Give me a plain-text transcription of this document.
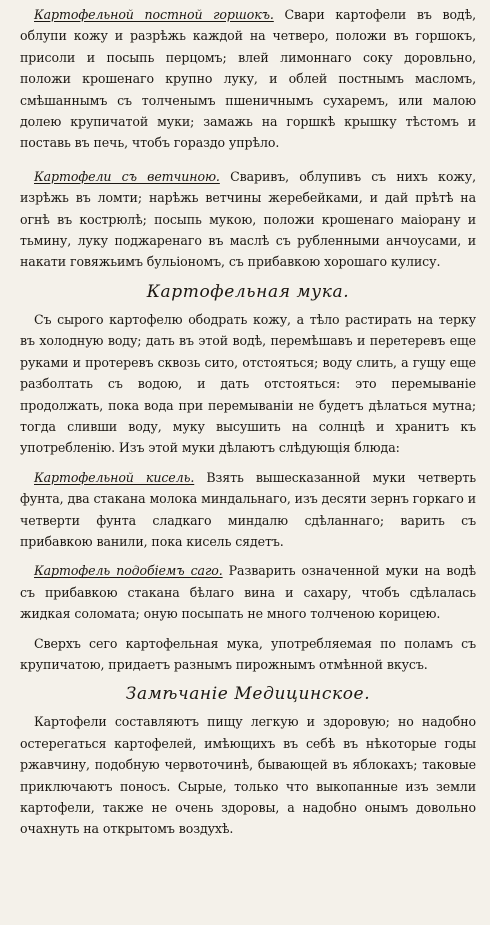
Картофельной постной горшокъ. Свари картофели въ водѣ, облупи кожу и разрѣжь каждой на четверо, положи въ горшокъ, присоли и посыпь перцомъ; влей лимоннаго соку доровльно, положи крошенаго крупно луку, и облей постнымъ масломъ, смѣшаннымъ съ толченымъ пшеничнымъ сухаремъ, или малою долею крупичатой муки; замажь на горшкѣ крышку тѣстомъ и поставь въ печь, чтобъ гораздо упрѣло.

Картофели съ ветчиною. Сваривъ, облупивъ съ нихъ кожу, изрѣжь въ ломти; нарѣжь ветчины жеребейками, и дай прѣтѣ на огнѣ въ кострюлѣ; посыпь мукою, положи крошенаго маіорану и тьмину, луку поджаренаго въ маслѣ съ рубленными анчоусами, и накати говяжьимъ бульіономъ, съ прибавкою хорошаго кулису.

Картофельная мука.

Съ сырого картофелю ободрать кожу, а тѣло растирать на терку въ холодную воду; дать въ этой водѣ, перемѣшавъ и перетеревъ еще руками и протеревъ сквозь сито, отстояться; воду слить, а гущу еще разболтать съ водою, и дать отстояться: это перемываніе продолжать, пока вода при перемываніи не будетъ дѣлаться мутна; тогда сливши воду, муку высушить на солнцѣ и хранитъ къ употребленію. Изъ этой муки дѣлаютъ слѣдующія блюда:

Картофельной кисель. Взять вышесказанной муки четверть фунта, два стакана молока миндальнаго, изъ десяти зернъ горкаго и четверти фунта сладкаго миндалю сдѣланнаго; варить съ прибавкою ванили, пока кисель сядетъ.

Картофель подобіемъ саго. Разварить означенной муки на водѣ съ прибавкою стакана бѣлаго вина и сахару, чтобъ сдѣлалась жидкая соломата; оную посыпать не много толченою корицею.

Сверхъ сего картофельная мука, употребляемая по поламъ съ крупичатою, придаетъ разнымъ пирожнымъ отмѣнной вкусъ.

Замѣчаніе Медицинское.

Картофели составляютъ пищу легкую и здоровую; но надобно остерегаться картофелей, имѣющихъ въ себѣ въ нѣкоторые годы ржавчину, подобную червоточинѣ, бывающей въ яблокахъ; таковые приключаютъ поносъ. Сырые, только что выкопанные изъ земли картофели, также не очень здоровы, а надобно онымъ довольно очахнуть на открытомъ воздухѣ.
